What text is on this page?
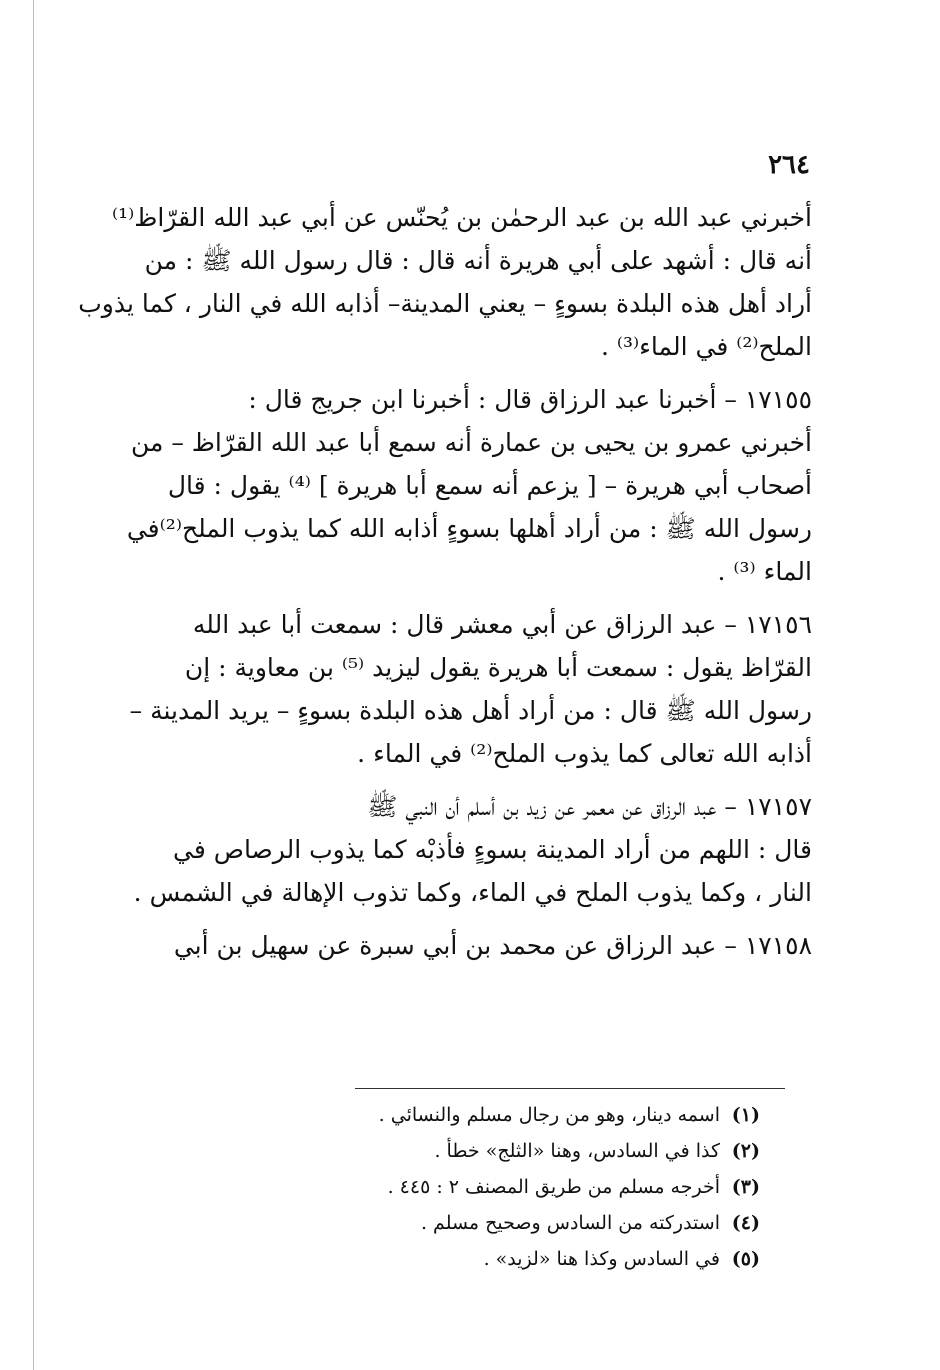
٢٦٤
أخبرني عبد الله بن عبد الرحمٰن بن يُحنّس عن أبي عبد الله القرّاظ⁽¹⁾
أنه قال : أشهد على أبي هريرة أنه قال : قال رسول الله ﷺ : من
أراد أهل هذه البلدة بسوءٍ – يعني المدينة– أذابه الله في النار ، كما يذوب
الملح⁽²⁾ في الماء⁽³⁾ .
١٧١٥٥ – أخبرنا عبد الرزاق قال : أخبرنا ابن جريج قال :
أخبرني عمرو بن يحيى بن عمارة أنه سمع أبا عبد الله القرّاظ – من
أصحاب أبي هريرة – [ يزعم أنه سمع أبا هريرة ] ⁽⁴⁾ يقول : قال
رسول الله ﷺ : من أراد أهلها بسوءٍ أذابه الله كما يذوب الملح⁽²⁾في
الماء ⁽³⁾ .
١٧١٥٦ – عبد الرزاق عن أبي معشر قال : سمعت أبا عبد الله
القرّاظ يقول : سمعت أبا هريرة يقول ليزيد ⁽⁵⁾ بن معاوية : إن
رسول الله ﷺ قال : من أراد أهل هذه البلدة بسوءٍ – يريد المدينة –
أذابه الله تعالى كما يذوب الملح⁽²⁾ في الماء .
١٧١٥٧ – عبد الرزاق عن معمر عن زيد بن أسلم أن النبي ﷺ
قال : اللهم من أراد المدينة بسوءٍ فأذبْه كما يذوب الرصاص في
النار ، وكما يذوب الملح في الماء، وكما تذوب الإهالة في الشمس .
١٧١٥٨ – عبد الرزاق عن محمد بن أبي سبرة عن سهيل بن أبي
(١)اسمه دينار، وهو من رجال مسلم والنسائي .
(٢)كذا في السادس، وهنا «الثلج» خطأ .
(٣)أخرجه مسلم من طريق المصنف ٢ : ٤٤٥ .
(٤)استدركته من السادس وصحيح مسلم .
(٥)في السادس وكذا هنا «لزيد» .
